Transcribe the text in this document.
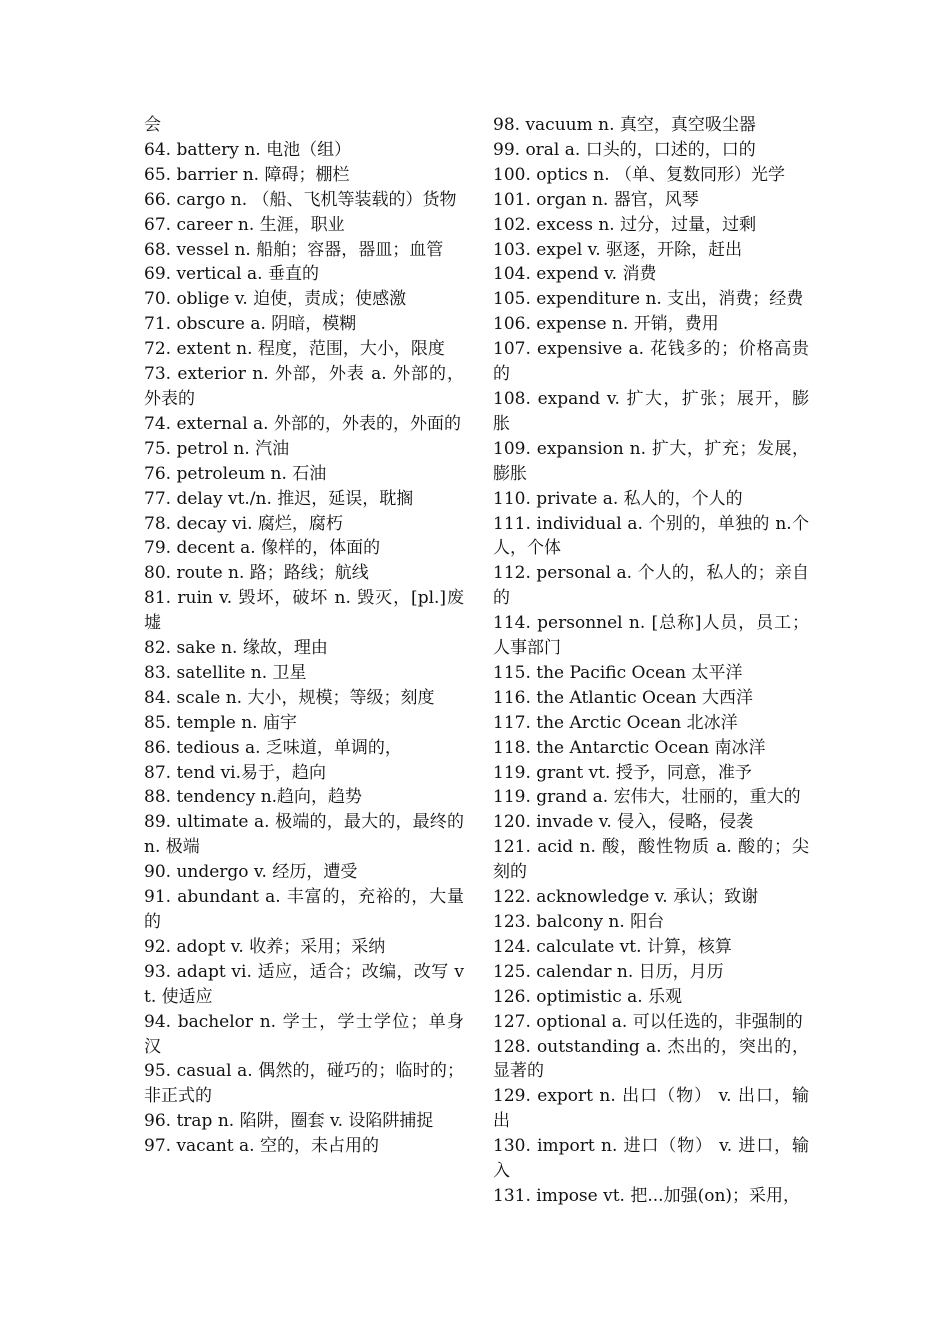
会

64. battery n. 电池（组）

65. barrier n. 障碍；棚栏

66. cargo n. （船、飞机等装载的）货物

67. career n. 生涯，职业

68. vessel n. 船舶；容器，器皿；血管

69. vertical a. 垂直的

70. oblige v. 迫使，责成；使感激

71. obscure a. 阴暗，模糊

72. extent n. 程度，范围，大小，限度

73. exterior n. 外部，外表 a. 外部的，外表的

74. external a. 外部的，外表的，外面的

75. petrol n. 汽油

76. petroleum n. 石油

77. delay vt./n. 推迟，延误，耽搁

78. decay vi. 腐烂，腐朽

79. decent a. 像样的，体面的

80. route n. 路；路线；航线

81. ruin v. 毁坏，破坏 n. 毁灭，[pl.]废墟

82. sake n. 缘故，理由

83. satellite n. 卫星

84. scale n. 大小，规模；等级；刻度

85. temple n. 庙宇

86. tedious a. 乏味道，单调的，

87. tend vi.易于，趋向

88. tendency n.趋向，趋势

89. ultimate a. 极端的，最大的，最终的 n. 极端

90. undergo v. 经历，遭受

91. abundant a. 丰富的，充裕的，大量的

92. adopt v. 收养；采用；采纳

93. adapt vi. 适应，适合；改编，改写 vt. 使适应

94. bachelor n. 学士，学士学位；单身汉

95. casual a. 偶然的，碰巧的；临时的；非正式的

96. trap n. 陷阱，圈套 v. 设陷阱捕捉

97. vacant a. 空的，未占用的

98. vacuum n. 真空，真空吸尘器

99. oral a. 口头的，口述的，口的

100. optics n. （单、复数同形）光学

101. organ n. 器官，风琴

102. excess n. 过分，过量，过剩

103. expel v. 驱逐，开除，赶出

104. expend v. 消费

105. expenditure n. 支出，消费；经费

106. expense n. 开销，费用

107. expensive a. 花钱多的；价格高贵的

108. expand v. 扩大，扩张；展开，膨胀

109. expansion n. 扩大，扩充；发展，膨胀

110. private a. 私人的，个人的

111. individual a. 个别的，单独的 n.个人，个体

112. personal a. 个人的，私人的；亲自的

114. personnel n. [总称]人员，员工；人事部门

115. the Pacific Ocean 太平洋

116. the Atlantic Ocean 大西洋

117. the Arctic Ocean 北冰洋

118. the Antarctic Ocean 南冰洋

119. grant vt. 授予，同意，准予

119. grand a. 宏伟大，壮丽的，重大的

120. invade v. 侵入，侵略，侵袭

121. acid n. 酸，酸性物质 a. 酸的；尖刻的

122. acknowledge v. 承认；致谢

123. balcony n. 阳台

124. calculate vt. 计算，核算

125. calendar n. 日历，月历

126. optimistic a. 乐观

127. optional a. 可以任选的，非强制的

128. outstanding a. 杰出的，突出的，显著的

129. export n. 出口（物） v. 出口，输出

130. import n. 进口（物） v. 进口，输入

131. impose vt. 把...加强(on)；采用，
